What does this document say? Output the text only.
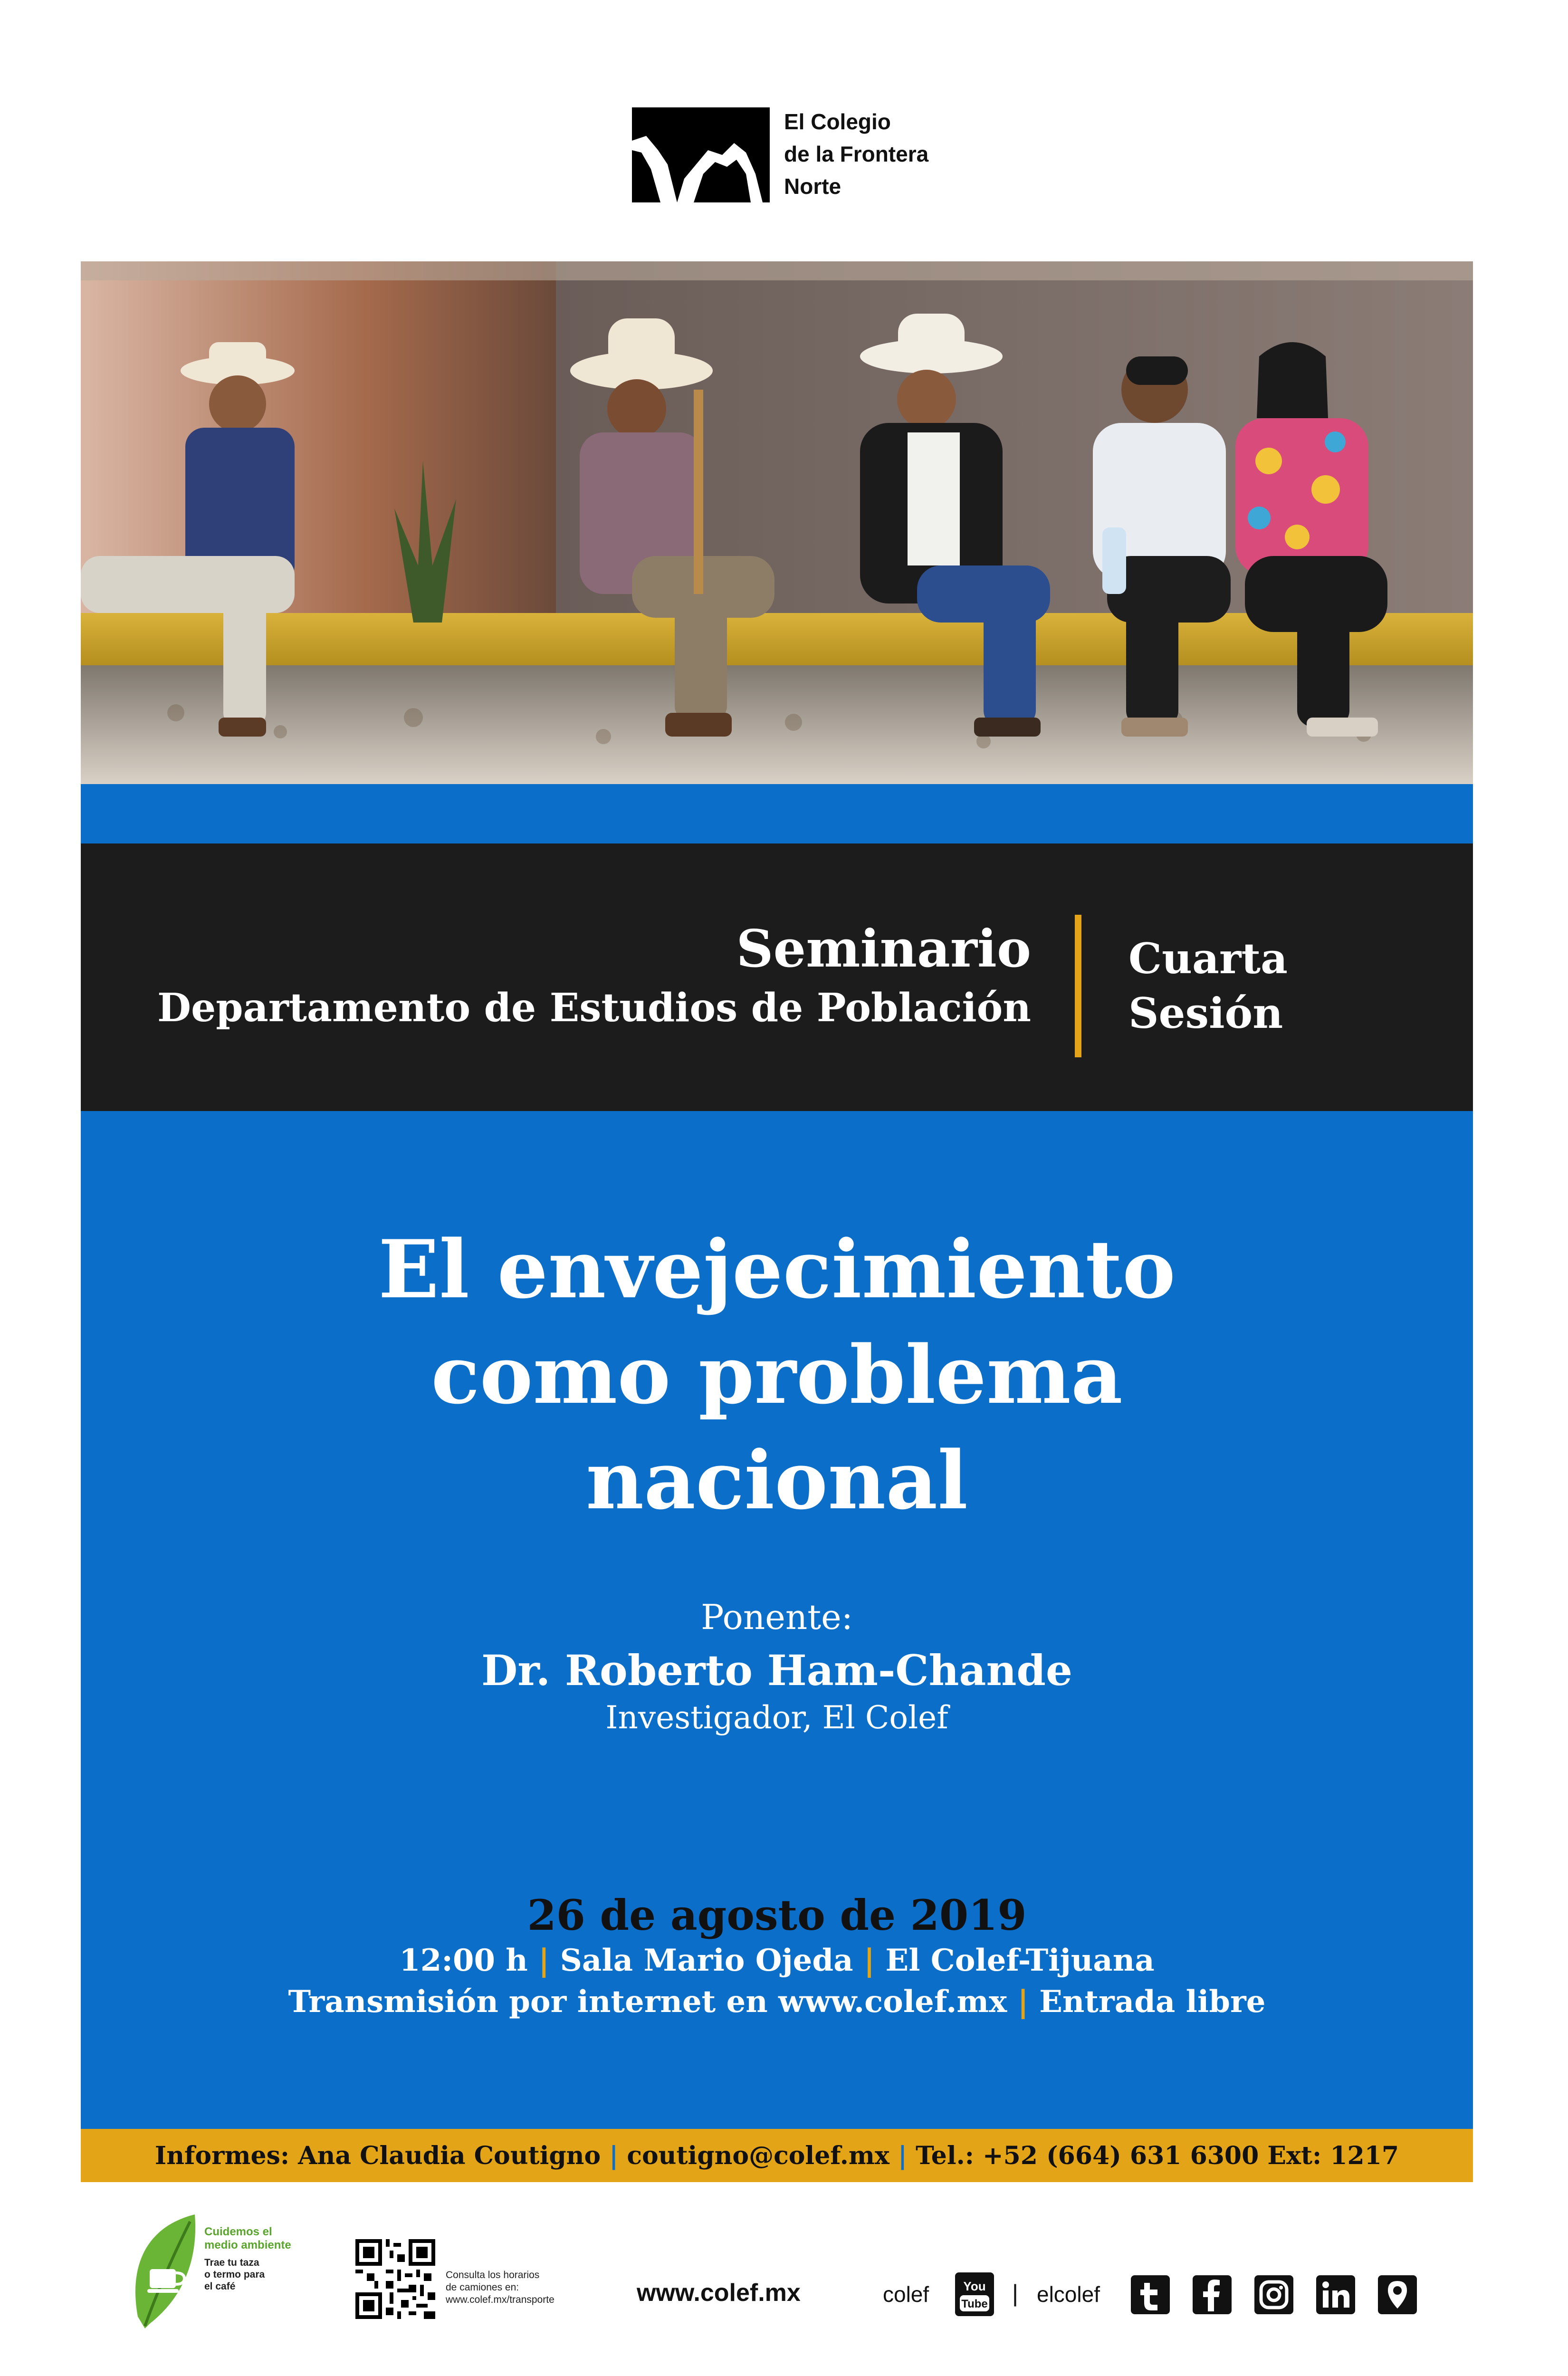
El Colegio
de la Frontera
Norte
Seminario
Departamento de Estudios de Población
Cuarta
Sesión
El envejecimiento
como problema
nacional
Ponente:
Dr. Roberto Ham-Chande
Investigador, El Colef
26 de agosto de 2019
12:00 h | Sala Mario Ojeda | El Colef-Tijuana
Transmisión por internet en www.colef.mx | Entrada libre
Informes: Ana Claudia Coutigno | coutigno@colef.mx | Tel.: +52 (664) 631 6300 Ext: 1217
Cuidemos el
medio ambiente
Trae tu taza
o termo para
el café
Consulta los horarios
de camiones en:
www.colef.mx/transporte	www.colef.mx	colef	You
Tube | elcolef
